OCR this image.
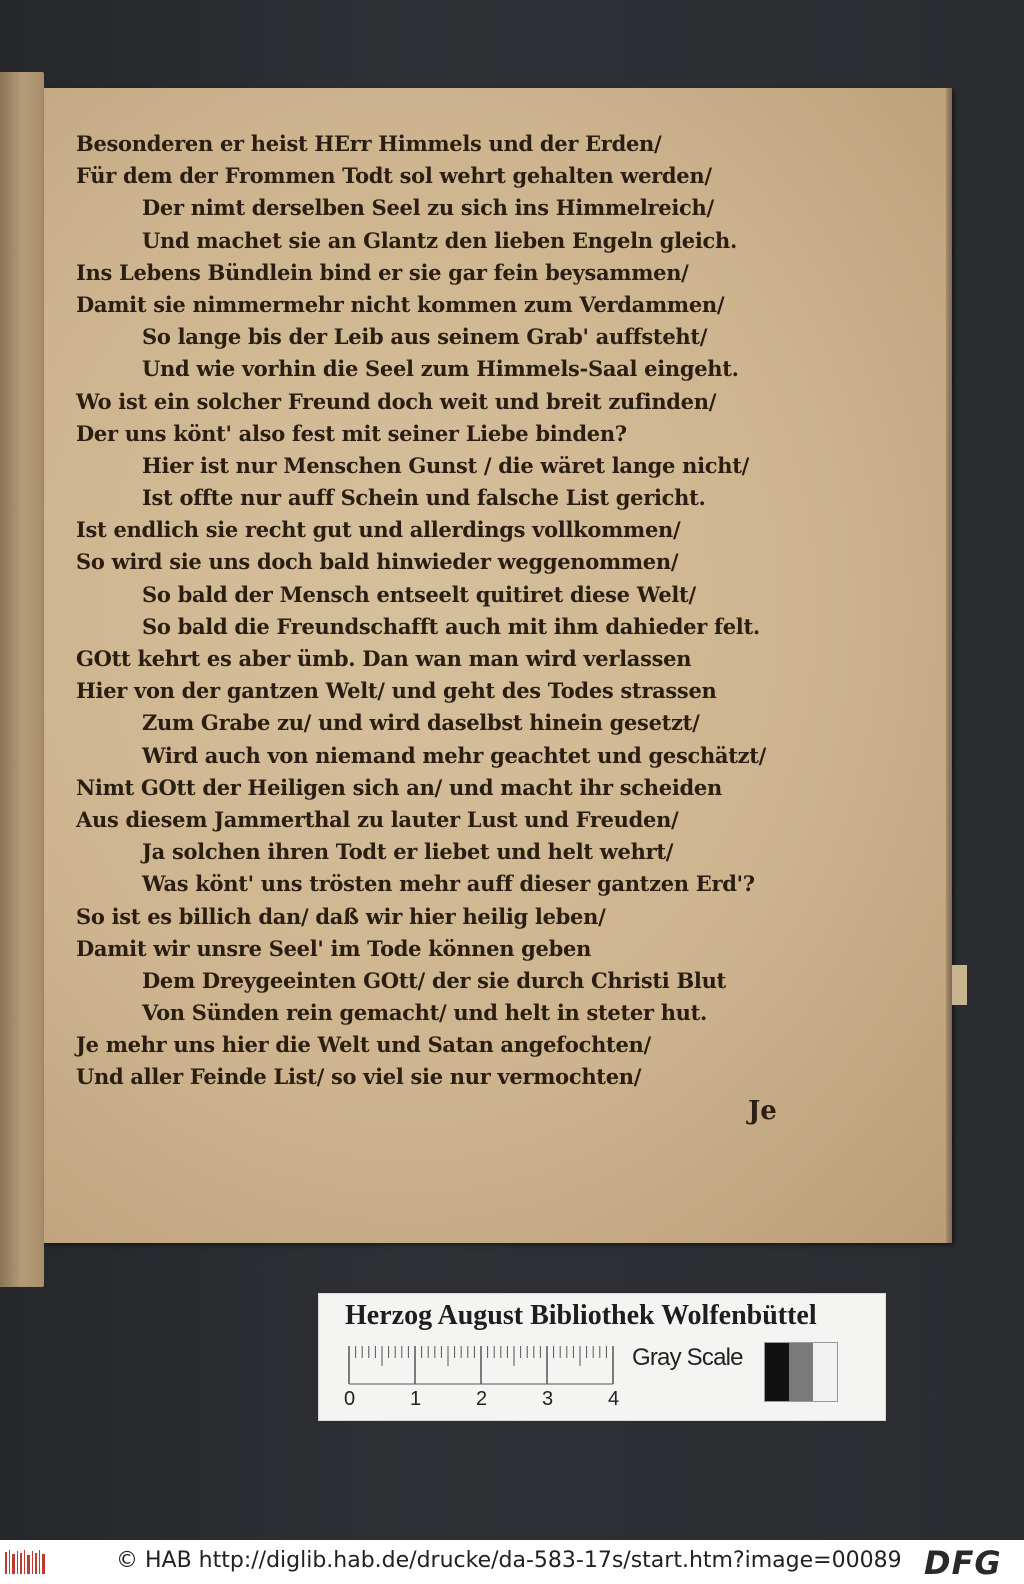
Besonderen er heist HErr Himmels und der Erden/
Für dem der Frommen Todt sol wehrt gehalten werden/
Der nimt derselben Seel zu sich ins Himmelreich/
Und machet sie an Glantz den lieben Engeln gleich.
Ins Lebens Bündlein bind er sie gar fein beysammen/
Damit sie nimmermehr nicht kommen zum Verdammen/
So lange bis der Leib aus seinem Grab' auffsteht/
Und wie vorhin die Seel zum Himmels-Saal eingeht.
Wo ist ein solcher Freund doch weit und breit zufinden/
Der uns könt' also fest mit seiner Liebe binden?
Hier ist nur Menschen Gunst / die wäret lange nicht/
Ist offte nur auff Schein und falsche List gericht.
Ist endlich sie recht gut und allerdings vollkommen/
So wird sie uns doch bald hinwieder weggenommen/
So bald der Mensch entseelt quitiret diese Welt/
So bald die Freundschafft auch mit ihm dahieder felt.
GOtt kehrt es aber ümb. Dan wan man wird verlassen
Hier von der gantzen Welt/ und geht des Todes strassen
Zum Grabe zu/ und wird daselbst hinein gesetzt/
Wird auch von niemand mehr geachtet und geschätzt/
Nimt GOtt der Heiligen sich an/ und macht ihr scheiden
Aus diesem Jammerthal zu lauter Lust und Freuden/
Ja solchen ihren Todt er liebet und helt wehrt/
Was könt' uns trösten mehr auff dieser gantzen Erd'?
So ist es billich dan/ daß wir hier heilig leben/
Damit wir unsre Seel' im Tode können geben
Dem Dreygeeinten GOtt/ der sie durch Christi Blut
Von Sünden rein gemacht/ und helt in steter hut.
Je mehr uns hier die Welt und Satan angefochten/
Und aller Feinde List/ so viel sie nur vermochten/
Je
Herzog August Bibliothek Wolfenbüttel
0	1	2	3	4
Gray Scale
© HAB http://diglib.hab.de/drucke/da-583-17s/start.htm?image=00089 DFG
